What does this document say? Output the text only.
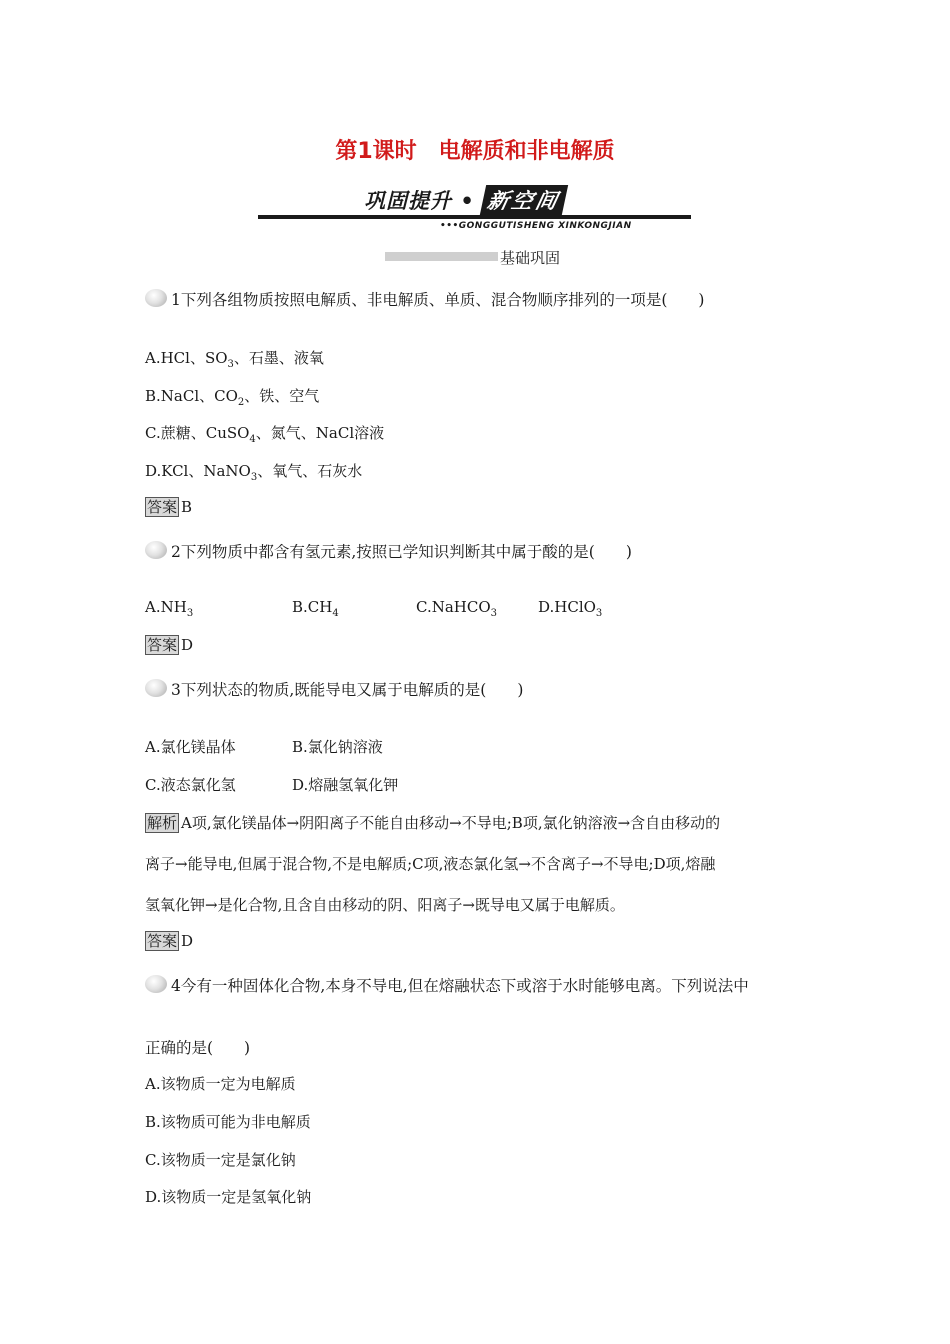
第1课时　电解质和非电解质
巩固提升 • 新空间
•••GONGGUTISHENG XINKONGJIAN
基础巩固
1下列各组物质按照电解质、非电解质、单质、混合物顺序排列的一项是(　　)
A.HCl、$SO_3$、石墨、液氧
B.NaCl、$CO_2$、铁、空气
C.蔗糖、CuSO$_4$、氮气、NaCl溶液
D.KCl、NaNO$_3$、氧气、石灰水
答案 B
2下列物质中都含有氢元素,按照已学知识判断其中属于酸的是(　　)
$A.NH_3$	$B.CH_4$	C.NaHCO$_3$	D.HClO$_3$
答案 D
3下列状态的物质,既能导电又属于电解质的是(　　)
A.氯化镁晶体	B.氯化钠溶液
C.液态氯化氢	D.熔融氢氧化钾
解析 A项,氯化镁晶体→阴阳离子不能自由移动→不导电;B项,氯化钠溶液→含自由移动的
离子→能导电,但属于混合物,不是电解质;C项,液态氯化氢→不含离子→不导电;D项,熔融
氢氧化钾→是化合物,且含自由移动的阴、阳离子→既导电又属于电解质。
答案 D
4今有一种固体化合物,本身不导电,但在熔融状态下或溶于水时能够电离。下列说法中
正确的是(　　)
A.该物质一定为电解质
B.该物质可能为非电解质
C.该物质一定是氯化钠
D.该物质一定是氢氧化钠
